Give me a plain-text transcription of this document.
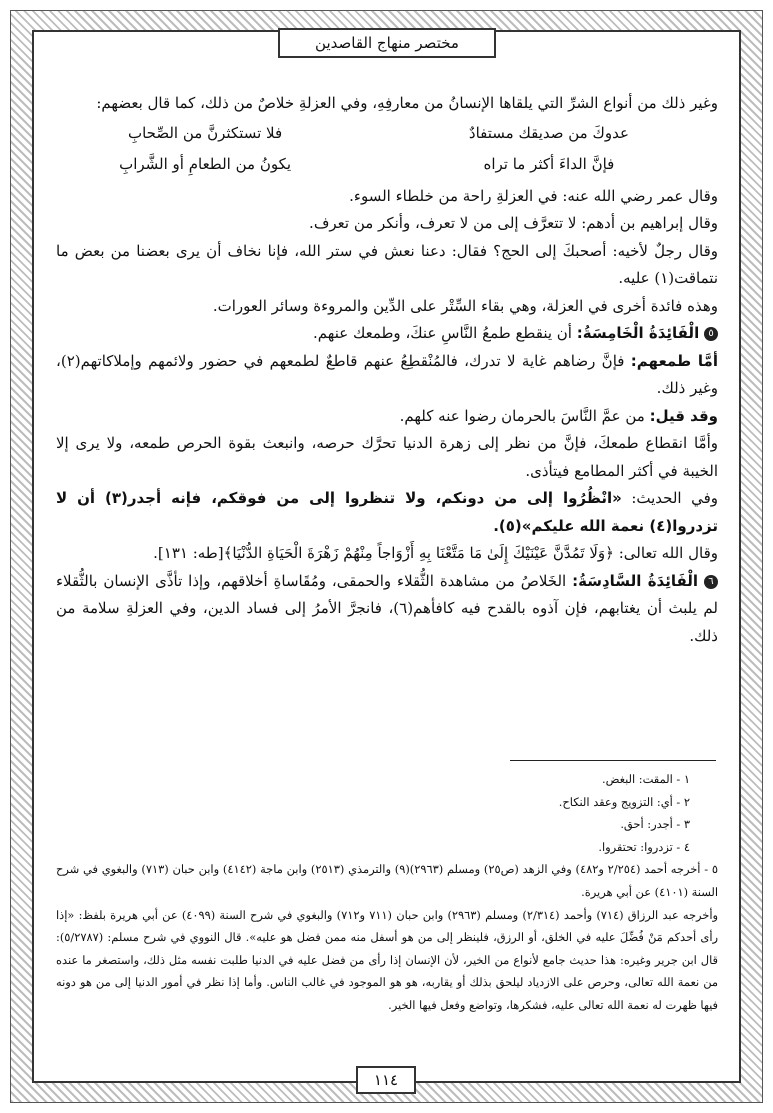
مختصر منهاج القاصدين

وغير ذلك من أنواع الشرِّ التي يلقاها الإنسانُ من معارفِهِ، وفي العزلةِ خلاصٌ من ذلك، كما قال بعضهم:

عدوكَ من صديقك مستفادٌ
فلا تستكثرنَّ من الصِّحابِ
فإنَّ الداءَ أكثر ما تراه
يكونُ من الطعامِ أو الشَّرابِ

وقال عمر رضي الله عنه: في العزلةِ راحة من خلطاء السوء.

وقال إبراهيم بن أدهم: لا تتعرَّف إلى من لا تعرف، وأنكر من تعرف.

وقال رجلٌ لأخيه: أصحبكَ إلى الحج؟ فقال: دعنا نعش في ستر الله، فإنا نخاف أن يرى بعضنا من بعض ما نتماقت(١) عليه.

وهذه فائدة أخرى في العزلة، وهي بقاء السِّتْر على الدِّين والمروءة وسائر العورات.

٥ الْفَائِدَةُ الْخَامِسَةُ: أن ينقطع طمعُ النَّاسِ عنكَ، وطمعك عنهم.

أمَّا طمعهم: فإنَّ رضاهم غاية لا تدرك، فالمُنْقطِعُ عنهم قاطعٌ لطمعهم في حضور ولائمهم وإملاكاتهم(٢)، وغير ذلك.

وقد قيل: من عمَّ النَّاسَ بالحرمان رضوا عنه كلهم.

وأمَّا انقطاع طمعكَ، فإنَّ من نظر إلى زهرة الدنيا تحرَّك حرصه، وانبعث بقوة الحرص طمعه، ولا يرى إلا الخيبة في أكثر المطامع فيتأذى.

وفي الحديث: «انْظُرُوا إلى من دونكم، ولا تنظروا إلى من فوقكم، فإنه أجدر(٣) أن لا تزدروا(٤) نعمة الله عليكم»(٥).

وقال الله تعالى: ﴿وَلَا تَمُدَّنَّ عَيْنَيْكَ إِلَىٰ مَا مَتَّعْنَا بِهِ أَزْوَاجاً مِنْهُمْ زَهْرَةَ الْحَيَاةِ الدُّنْيَا﴾[طه: ١٣١].

٦ الْفَائِدَةُ السَّادِسَةُ: الخَلاصُ من مشاهدة الثُّقلاء والحمقى، ومُقَاساةِ أخلاقهم، وإذا تأذَّى الإنسان بالثُّقلاء لم يلبث أن يغتابهم، فإن آذوه بالقدح فيه كافأهم(٦)، فانجرَّ الأمرُ إلى فساد الدين، وفي العزلةِ سلامة من ذلك.

١ - المقت: البغض.

٢ - أي: التزويج وعقد النكاح.

٣ - أجدر: أحق.

٤ - تزدروا: تحتقروا.

٥ - أخرجه أحمد (٢/٢٥٤ و٤٨٢) وفي الزهد (ص٢٥) ومسلم (٢٩٦٣)(٩) والترمذي (٢٥١٣) وابن ماجة (٤١٤٢) وابن حبان (٧١٣) والبغوي في شرح السنة (٤١٠١) عن أبي هريرة.

وأخرجه عبد الرزاق (٧١٤) وأحمد (٢/٣١٤) ومسلم (٢٩٦٣) وابن حبان (٧١١ و٧١٢) والبغوي في شرح السنة (٤٠٩٩) عن أبي هريرة بلفظ: «إذا رأى أحدكم مَنْ فُضِّلَ عليه في الخلق، أو الرزق، فلينظر إلى من هو أسفل منه ممن فضل هو عليه». قال النووي في شرح مسلم: (٥/٢٧٨٧): قال ابن جرير وغيره: هذا حديث جامع لأنواع من الخير، لأن الإنسان إذا رأى من فضل عليه في الدنيا طلبت نفسه مثل ذلك، واستصغر ما عنده من نعمة الله تعالى، وحرص على الازدياد ليلحق بذلك أو يقاربه، هو هو الموجود في غالب الناس. وأما إذا نظر في أمور الدنيا إلى من هو دونه فيها ظهرت له نعمة الله تعالى عليه، فشكرها، وتواضع وفعل فيها الخير.

١١٤
